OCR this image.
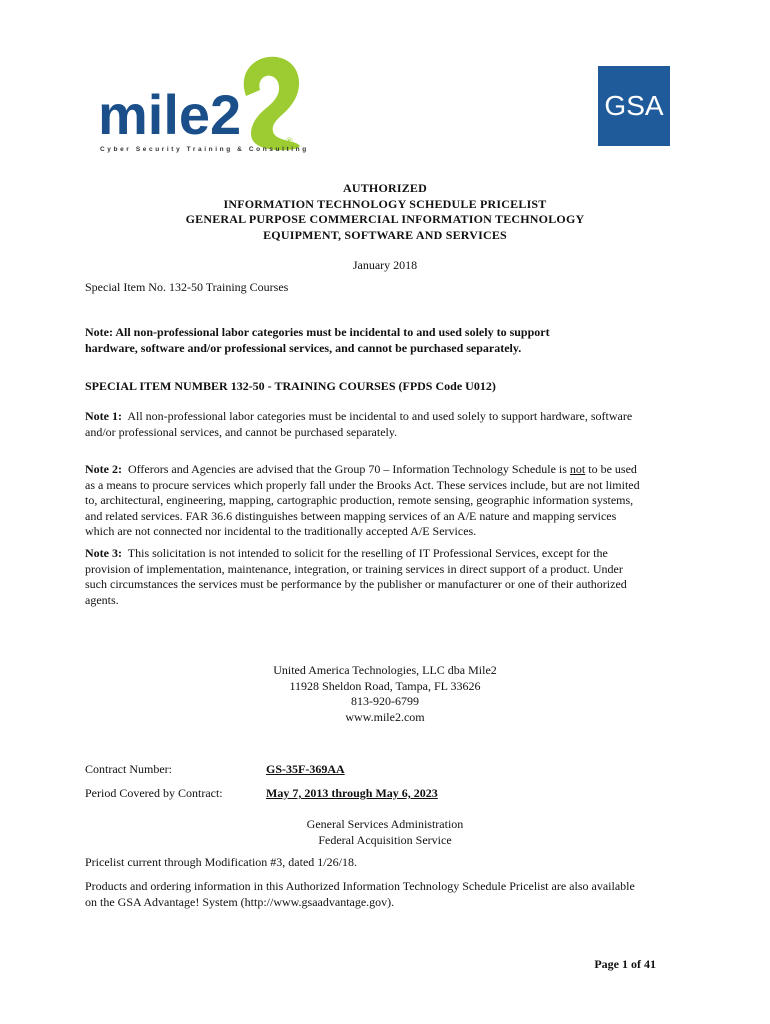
mile2	®
Cyber Security Training & Consulting
GSA
AUTHORIZED
INFORMATION TECHNOLOGY SCHEDULE PRICELIST
GENERAL PURPOSE COMMERCIAL INFORMATION TECHNOLOGY
EQUIPMENT, SOFTWARE AND SERVICES
January 2018
Special Item No. 132-50 Training Courses
Note: All non-professional labor categories must be incidental to and used solely to support
hardware, software and/or professional services, and cannot be purchased separately.
SPECIAL ITEM NUMBER 132-50 - TRAINING COURSES (FPDS Code U012)
Note 1: All non-professional labor categories must be incidental to and used solely to support hardware, software
and/or professional services, and cannot be purchased separately.
Note 2: Offerors and Agencies are advised that the Group 70 – Information Technology Schedule is not to be used
as a means to procure services which properly fall under the Brooks Act. These services include, but are not limited
to, architectural, engineering, mapping, cartographic production, remote sensing, geographic information systems,
and related services. FAR 36.6 distinguishes between mapping services of an A/E nature and mapping services
which are not connected nor incidental to the traditionally accepted A/E Services.
Note 3: This solicitation is not intended to solicit for the reselling of IT Professional Services, except for the
provision of implementation, maintenance, integration, or training services in direct support of a product. Under
such circumstances the services must be performance by the publisher or manufacturer or one of their authorized
agents.
United America Technologies, LLC dba Mile2
11928 Sheldon Road, Tampa, FL 33626
813-920-6799
www.mile2.com
Contract Number:	GS-35F-369AA
Period Covered by Contract:	May 7, 2013 through May 6, 2023
General Services Administration
Federal Acquisition Service
Pricelist current through Modification #3, dated 1/26/18.
Products and ordering information in this Authorized Information Technology Schedule Pricelist are also available
on the GSA Advantage! System (http://www.gsaadvantage.gov).
Page 1 of 41
